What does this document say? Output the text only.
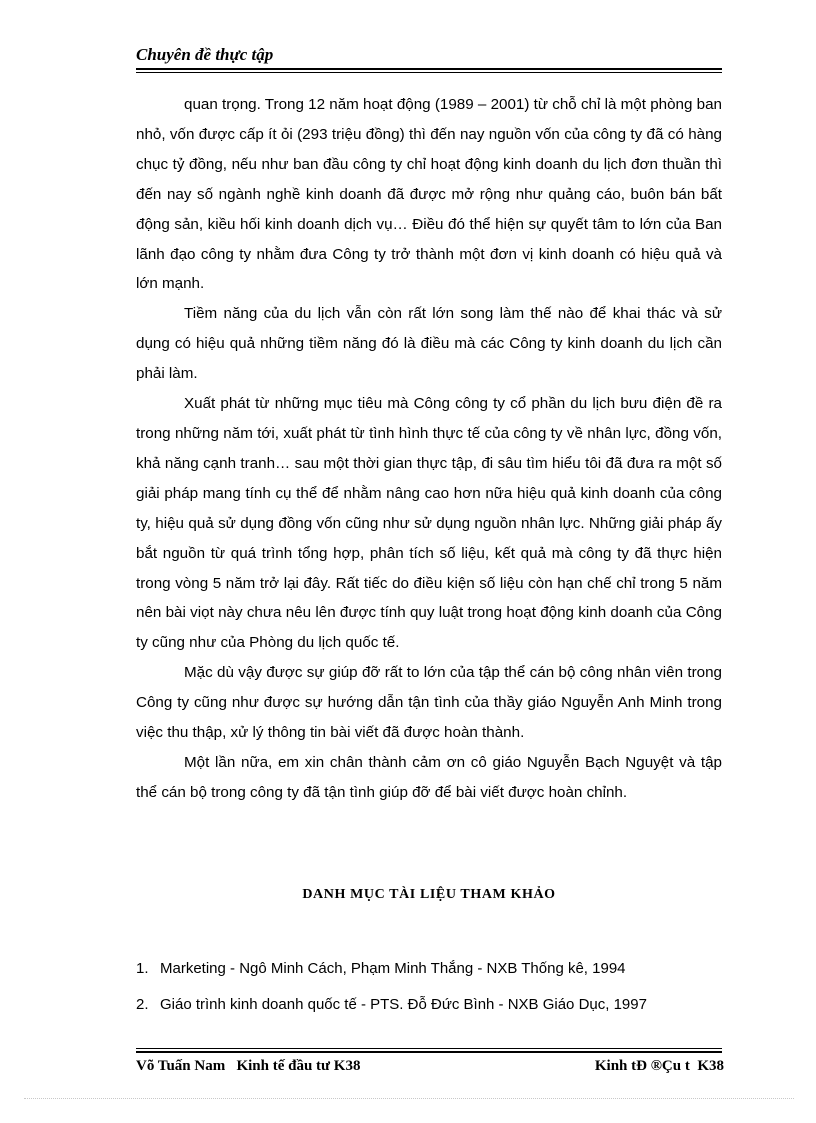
Chuyên đề thực tập

quan trọng. Trong 12 năm hoạt động (1989 – 2001) từ chỗ chỉ là một phòng ban nhỏ, vốn được cấp ít ỏi (293 triệu đồng) thì đến nay nguồn vốn của công ty đã có hàng chục tỷ đồng, nếu như ban đầu công ty chỉ hoạt động kinh doanh du lịch đơn thuần thì đến nay số ngành nghề kinh doanh đã được mở rộng như quảng cáo, buôn bán bất động sản, kiều hối kinh doanh dịch vụ… Điều đó thể hiện sự quyết tâm to lớn của Ban lãnh đạo công ty nhằm đưa Công ty trở thành một đơn vị kinh doanh có hiệu quả và lớn mạnh.

Tiềm năng của du lịch vẫn còn rất lớn song làm thế nào để khai thác và sử dụng có hiệu quả những tiềm năng đó là điều mà các Công ty kinh doanh du lịch cần phải làm.

Xuất phát từ những mục tiêu mà Công công ty cổ phần du lịch bưu điện đề ra trong những năm tới, xuất phát từ tình hình thực tế của công ty về nhân lực, đồng vốn, khả năng cạnh tranh… sau một thời gian thực tập, đi sâu tìm hiểu tôi đã đưa ra một số giải pháp mang tính cụ thể để nhằm nâng cao hơn nữa hiệu quả kinh doanh của công ty, hiệu quả sử dụng đồng vốn cũng như sử dụng nguồn nhân lực. Những giải pháp ấy bắt nguồn từ quá trình tổng hợp, phân tích số liệu, kết quả mà công ty đã thực hiện trong vòng 5 năm trở lại đây. Rất tiếc do điều kiện số liệu còn hạn chế chỉ trong 5 năm nên bài viọt này chưa nêu lên được tính quy luật trong hoạt động kinh doanh của Công ty cũng như của Phòng du lịch quốc tế.

Mặc dù vậy được sự giúp đỡ rất to lớn của tập thể cán bộ công nhân viên trong Công ty cũng như được sự hướng dẫn tận tình của thầy giáo Nguyễn Anh Minh trong việc thu thập, xử lý thông tin bài viết đã được hoàn thành.

Một lần nữa, em xin chân thành cảm ơn cô giáo Nguyễn Bạch Nguyệt và tập thể cán bộ trong công ty đã tận tình giúp đỡ để bài viết được hoàn chỉnh.

DANH MỤC TÀI LIỆU THAM KHẢO
1. Marketing - Ngô Minh Cách, Phạm Minh Thắng - NXB Thống kê, 1994
2. Giáo trình kinh doanh quốc tế - PTS. Đỗ Đức Bình - NXB Giáo Dục, 1997
Võ Tuấn Nam   Kinh tế đầu tư K38	Kinh tÐ ®Çu t  K38
